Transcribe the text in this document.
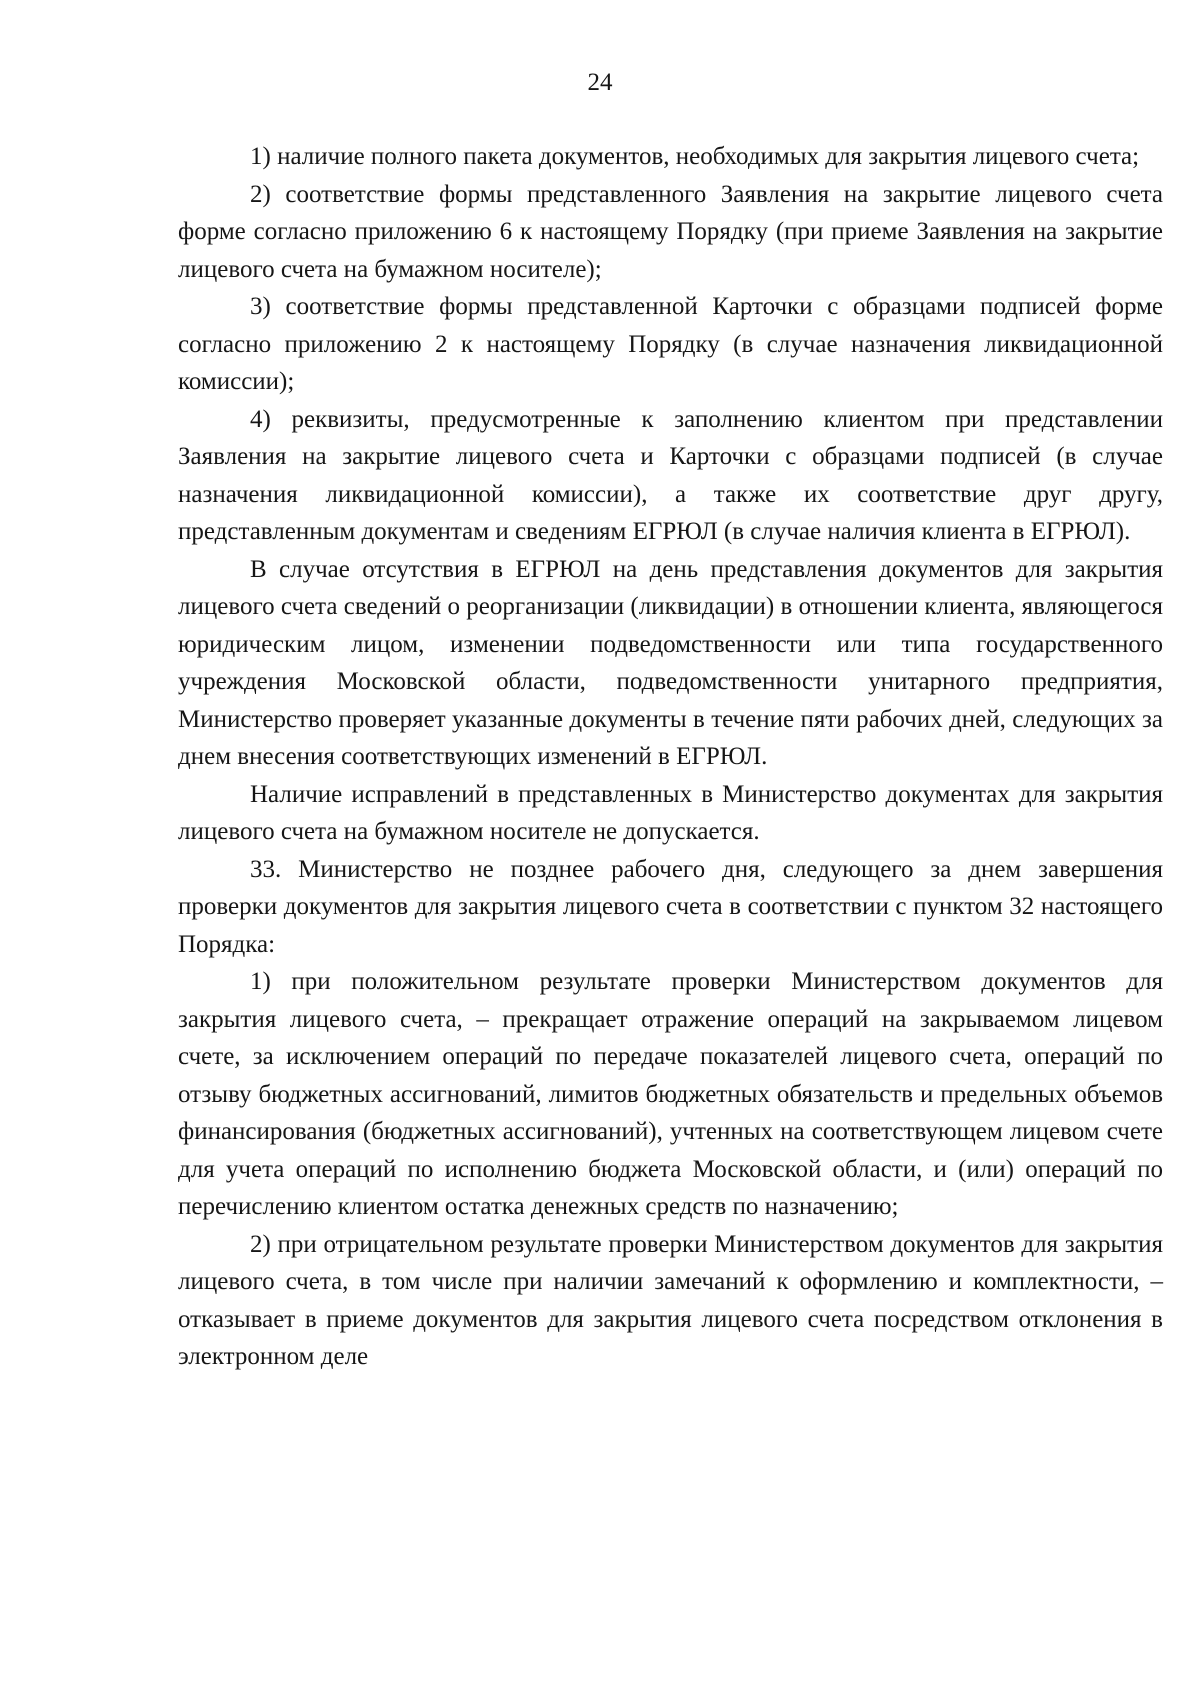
24

1) наличие полного пакета документов, необходимых для закрытия лицевого счета;

2) соответствие формы представленного Заявления на закрытие лицевого счета форме согласно приложению 6 к настоящему Порядку (при приеме Заявления на закрытие лицевого счета на бумажном носителе);

3) соответствие формы представленной Карточки с образцами подписей форме согласно приложению 2 к настоящему Порядку (в случае назначения ликвидационной комиссии);

4) реквизиты, предусмотренные к заполнению клиентом при представлении Заявления на закрытие лицевого счета и Карточки с образцами подписей (в случае назначения ликвидационной комиссии), а также их соответствие друг другу, представленным документам и сведениям ЕГРЮЛ (в случае наличия клиента в ЕГРЮЛ).

В случае отсутствия в ЕГРЮЛ на день представления документов для закрытия лицевого счета сведений о реорганизации (ликвидации) в отношении клиента, являющегося юридическим лицом, изменении подведомственности или типа государственного учреждения Московской области, подведомственности унитарного предприятия, Министерство проверяет указанные документы в течение пяти рабочих дней, следующих за днем внесения соответствующих изменений в ЕГРЮЛ.

Наличие исправлений в представленных в Министерство документах для закрытия лицевого счета на бумажном носителе не допускается.

33. Министерство не позднее рабочего дня, следующего за днем завершения проверки документов для закрытия лицевого счета в соответствии с пунктом 32 настоящего Порядка:

1) при положительном результате проверки Министерством документов для закрытия лицевого счета, – прекращает отражение операций на закрываемом лицевом счете, за исключением операций по передаче показателей лицевого счета, операций по отзыву бюджетных ассигнований, лимитов бюджетных обязательств и предельных объемов финансирования (бюджетных ассигнований), учтенных на соответствующем лицевом счете для учета операций по исполнению бюджета Московской области, и (или) операций по перечислению клиентом остатка денежных средств по назначению;

2) при отрицательном результате проверки Министерством документов для закрытия лицевого счета, в том числе при наличии замечаний к оформлению и комплектности, – отказывает в приеме документов для закрытия лицевого счета посредством отклонения в электронном деле
